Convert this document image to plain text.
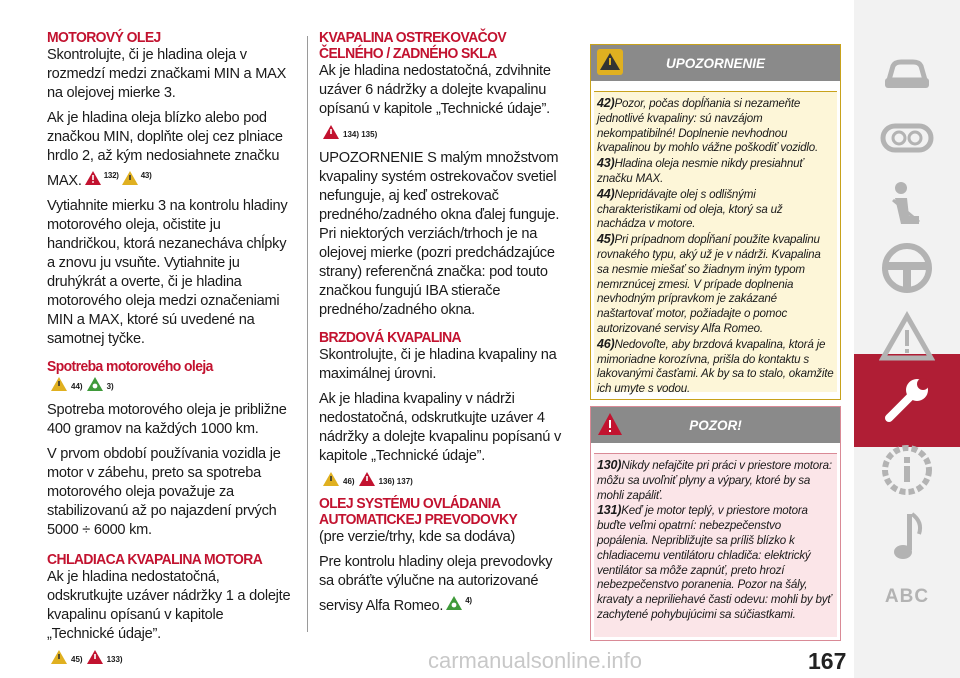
MOTOROVÝ OLEJ

Skontrolujte, či je hladina oleja v rozmedzí medzi značkami MIN a MAX na olejovej mierke 3.

Ak je hladina oleja blízko alebo pod značkou MIN, doplňte olej cez plniace hrdlo 2, až kým nedosiahnete značku MAX.	132)	43)

Vytiahnite mierku 3 na kontrolu hladiny motorového oleja, očistite ju handričkou, ktorá nezanecháva chĺpky a znovu ju vsuňte. Vytiahnite ju druhýkrát a overte, či je hladina motorového oleja medzi označeniami MIN a MAX, ktoré sú uvedené na samotnej tyčke.

Spotreba motorového oleja
44)	3)

Spotreba motorového oleja je približne 400 gramov na každých 1000 km.

V prvom období používania vozidla je motor v zábehu, preto sa spotreba motorového oleja považuje za stabilizovanú až po najazdení prvých 5000 ÷ 6000 km.

CHLADIACA KVAPALINA MOTORA

Ak je hladina nedostatočná, odskrutkujte uzáver nádržky 1 a dolejte kvapalinu opísanú v kapitole „Technické údaje”.

45)	133)
KVAPALINA OSTREKOVAČOV ČELNÉHO / ZADNÉHO SKLA

Ak je hladina nedostatočná, zdvihnite uzáver 6 nádržky a dolejte kvapalinu opísanú v kapitole „Technické údaje”.

134) 135)

UPOZORNENIE S malým množstvom kvapaliny systém ostrekovačov svetiel nefunguje, aj keď ostrekovač predného/zadného okna ďalej funguje. Pri niektorých verziách/trhoch je na olejovej mierke (pozri predchádzajúce strany) referenčná značka: pod touto značkou fungujú IBA stierače predného/zadného okna.

BRZDOVÁ KVAPALINA

Skontrolujte, či je hladina kvapaliny na maximálnej úrovni.

Ak je hladina kvapaliny v nádrži nedostatočná, odskrutkujte uzáver 4 nádržky a dolejte kvapalinu popísanú v kapitole „Technické údaje”.

46)	136) 137)
OLEJ SYSTÉMU OVLÁDANIA AUTOMATICKEJ PREVODOVKY

(pre verzie/trhy, kde sa dodáva)

Pre kontrolu hladiny oleja prevodovky sa obráťte výlučne na autorizované servisy Alfa Romeo.	4)

UPOZORNENIE

42)Pozor, počas dopĺňania si nezameňte jednotlivé kvapaliny: sú navzájom nekompatibilné! Doplnenie nevhodnou kvapalinou by mohlo vážne poškodiť vozidlo.

43)Hladina oleja nesmie nikdy presiahnuť značku MAX.

44)Nepridávajte olej s odlišnými charakteristikami od oleja, ktorý sa už nachádza v motore.

45)Pri prípadnom dopĺňaní použite kvapalinu rovnakého typu, aký už je v nádrži. Kvapalina sa nesmie miešať so žiadnym iným typom nemrznúcej zmesi. V prípade doplnenia nevhodným prípravkom je zakázané naštartovať motor, požiadajte o pomoc autorizované servisy Alfa Romeo.

46)Nedovoľte, aby brzdová kvapalina, ktorá je mimoriadne korozívna, prišla do kontaktu s lakovanými časťami. Ak by sa to stalo, okamžite ich umyte s vodou.

POZOR!

130)Nikdy nefajčite pri práci v priestore motora: môžu sa uvoľniť plyny a výpary, ktoré by sa mohli zapáliť.

131)Keď je motor teplý, v priestore motora buďte veľmi opatrní: nebezpečenstvo popálenia. Nepribližujte sa príliš blízko k chladiacemu ventilátoru chladiča: elektrický ventilátor sa môže zapnúť, preto hrozí nebezpečenstvo poranenia. Pozor na šály, kravaty a nepriliehavé časti odevu: mohli by byť zachytené pohybujúcimi sa súčiastkami.

ABC
carmanualsonline.info	167
